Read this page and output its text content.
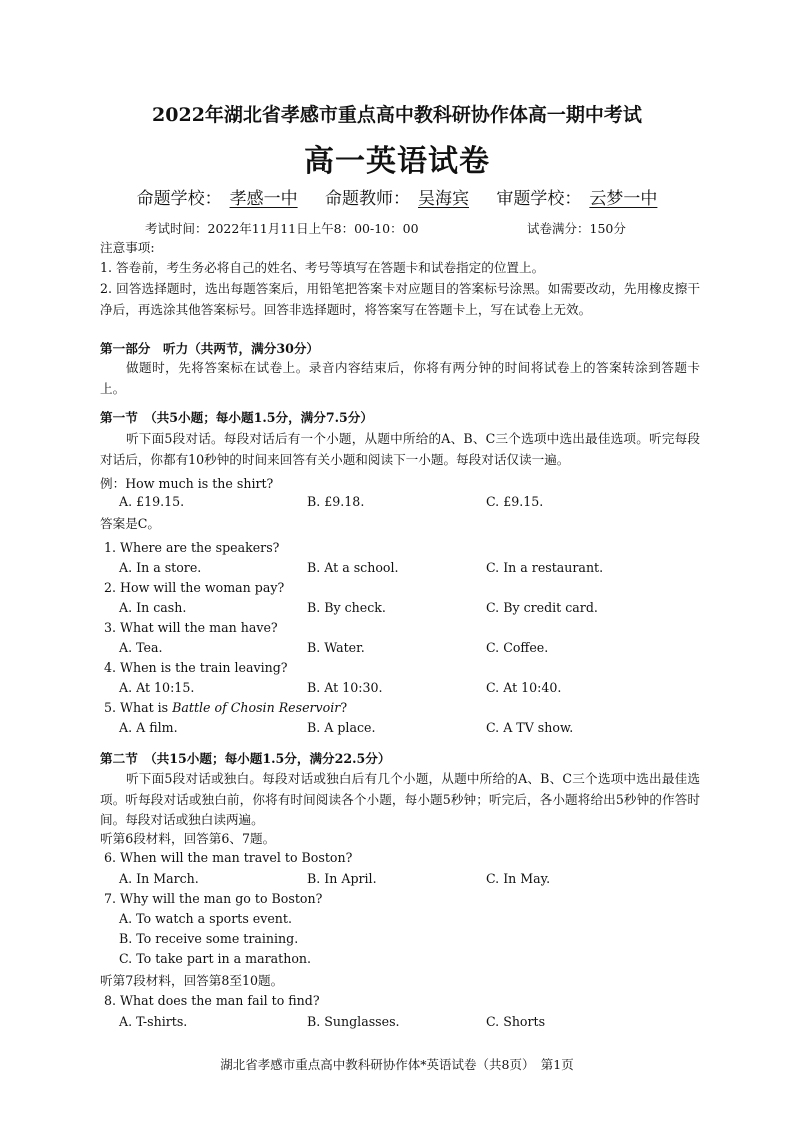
2022年湖北省孝感市重点高中教科研协作体高一期中考试
高一英语试卷
命题学校： 孝感一中 命题教师： 吴海宾 审题学校： 云梦一中
考试时间：2022年11月11日上午8：00-10：00	试卷满分：150分
注意事项:
1. 答卷前，考生务必将自己的姓名、考号等填写在答题卡和试卷指定的位置上。
2. 回答选择题时，选出每题答案后，用铅笔把答案卡对应题目的答案标号涂黑。如需要改动，先用橡皮擦干净后，再选涂其他答案标号。回答非选择题时，将答案写在答题卡上，写在试卷上无效。
第一部分　听力（共两节，满分30分）
做题时，先将答案标在试卷上。录音内容结束后，你将有两分钟的时间将试卷上的答案转涂到答题卡上。
第一节　（共5小题；每小题1.5分，满分7.5分）
听下面5段对话。每段对话后有一个小题，从题中所给的A、B、C三个选项中选出最佳选项。听完每段对话后，你都有10秒钟的时间来回答有关小题和阅读下一小题。每段对话仅读一遍。
例：How much is the shirt?
A. £19.15.	B. £9.18.	C. £9.15.
答案是C。
1. Where are the speakers?
A. In a store.	B. At a school.	C. In a restaurant.
2. How will the woman pay?
A. In cash.	B. By check.	C. By credit card.
3. What will the man have?
A. Tea.	B. Water.	C. Coffee.
4. When is the train leaving?
A. At 10:15.	B. At 10:30.	C. At 10:40.
5. What is Battle of Chosin Reservoir?
A. A film.	B. A place.	C. A TV show.
第二节　（共15小题；每小题1.5分，满分22.5分）
听下面5段对话或独白。每段对话或独白后有几个小题，从题中所给的A、B、C三个选项中选出最佳选项。听每段对话或独白前，你将有时间阅读各个小题，每小题5秒钟；听完后，各小题将给出5秒钟的作答时间。每段对话或独白读两遍。
听第6段材料，回答第6、7题。
6. When will the man travel to Boston?
A. In March.	B. In April.	C. In May.
7. Why will the man go to Boston?
A. To watch a sports event.
B. To receive some training.
C. To take part in a marathon.
听第7段材料，回答第8至10题。
8. What does the man fail to find?
A. T-shirts.	B. Sunglasses.	C. Shorts
湖北省孝感市重点高中教科研协作体*英语试卷（共8页）　第1页
